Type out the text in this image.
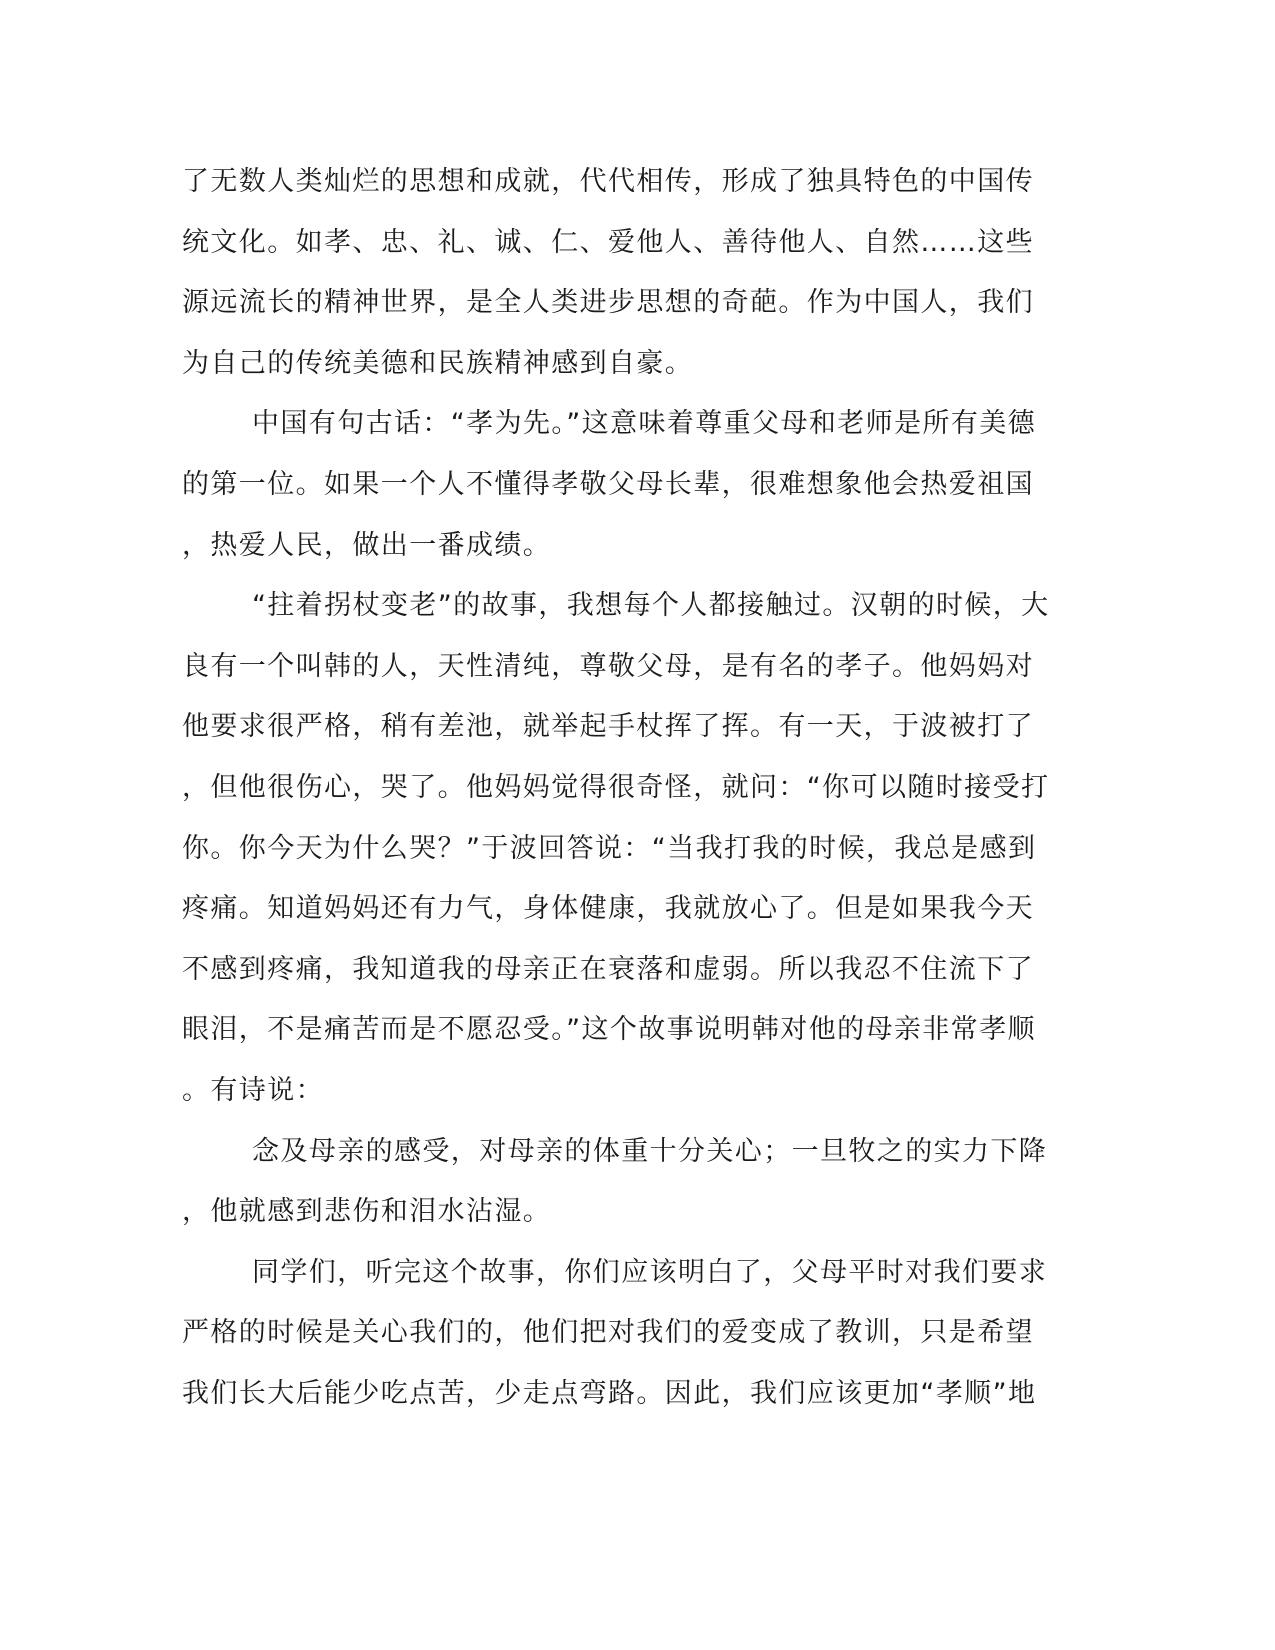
了无数人类灿烂的思想和成就，代代相传，形成了独具特色的中国传
统文化。如孝、忠、礼、诚、仁、爱他人、善待他人、自然……这些
源远流长的精神世界，是全人类进步思想的奇葩。作为中国人，我们
为自己的传统美德和民族精神感到自豪。
中国有句古话：“孝为先。”这意味着尊重父母和老师是所有美德
的第一位。如果一个人不懂得孝敬父母长辈，很难想象他会热爱祖国
，热爱人民，做出一番成绩。
“拄着拐杖变老”的故事，我想每个人都接触过。汉朝的时候，大
良有一个叫韩的人，天性清纯，尊敬父母，是有名的孝子。他妈妈对
他要求很严格，稍有差池，就举起手杖挥了挥。有一天，于波被打了
，但他很伤心，哭了。他妈妈觉得很奇怪，就问：“你可以随时接受打
你。你今天为什么哭？”于波回答说：“当我打我的时候，我总是感到
疼痛。知道妈妈还有力气，身体健康，我就放心了。但是如果我今天
不感到疼痛，我知道我的母亲正在衰落和虚弱。所以我忍不住流下了
眼泪，不是痛苦而是不愿忍受。”这个故事说明韩对他的母亲非常孝顺
。有诗说：
念及母亲的感受，对母亲的体重十分关心；一旦牧之的实力下降
，他就感到悲伤和泪水沾湿。
同学们，听完这个故事，你们应该明白了，父母平时对我们要求
严格的时候是关心我们的，他们把对我们的爱变成了教训，只是希望
我们长大后能少吃点苦，少走点弯路。因此，我们应该更加“孝顺”地
